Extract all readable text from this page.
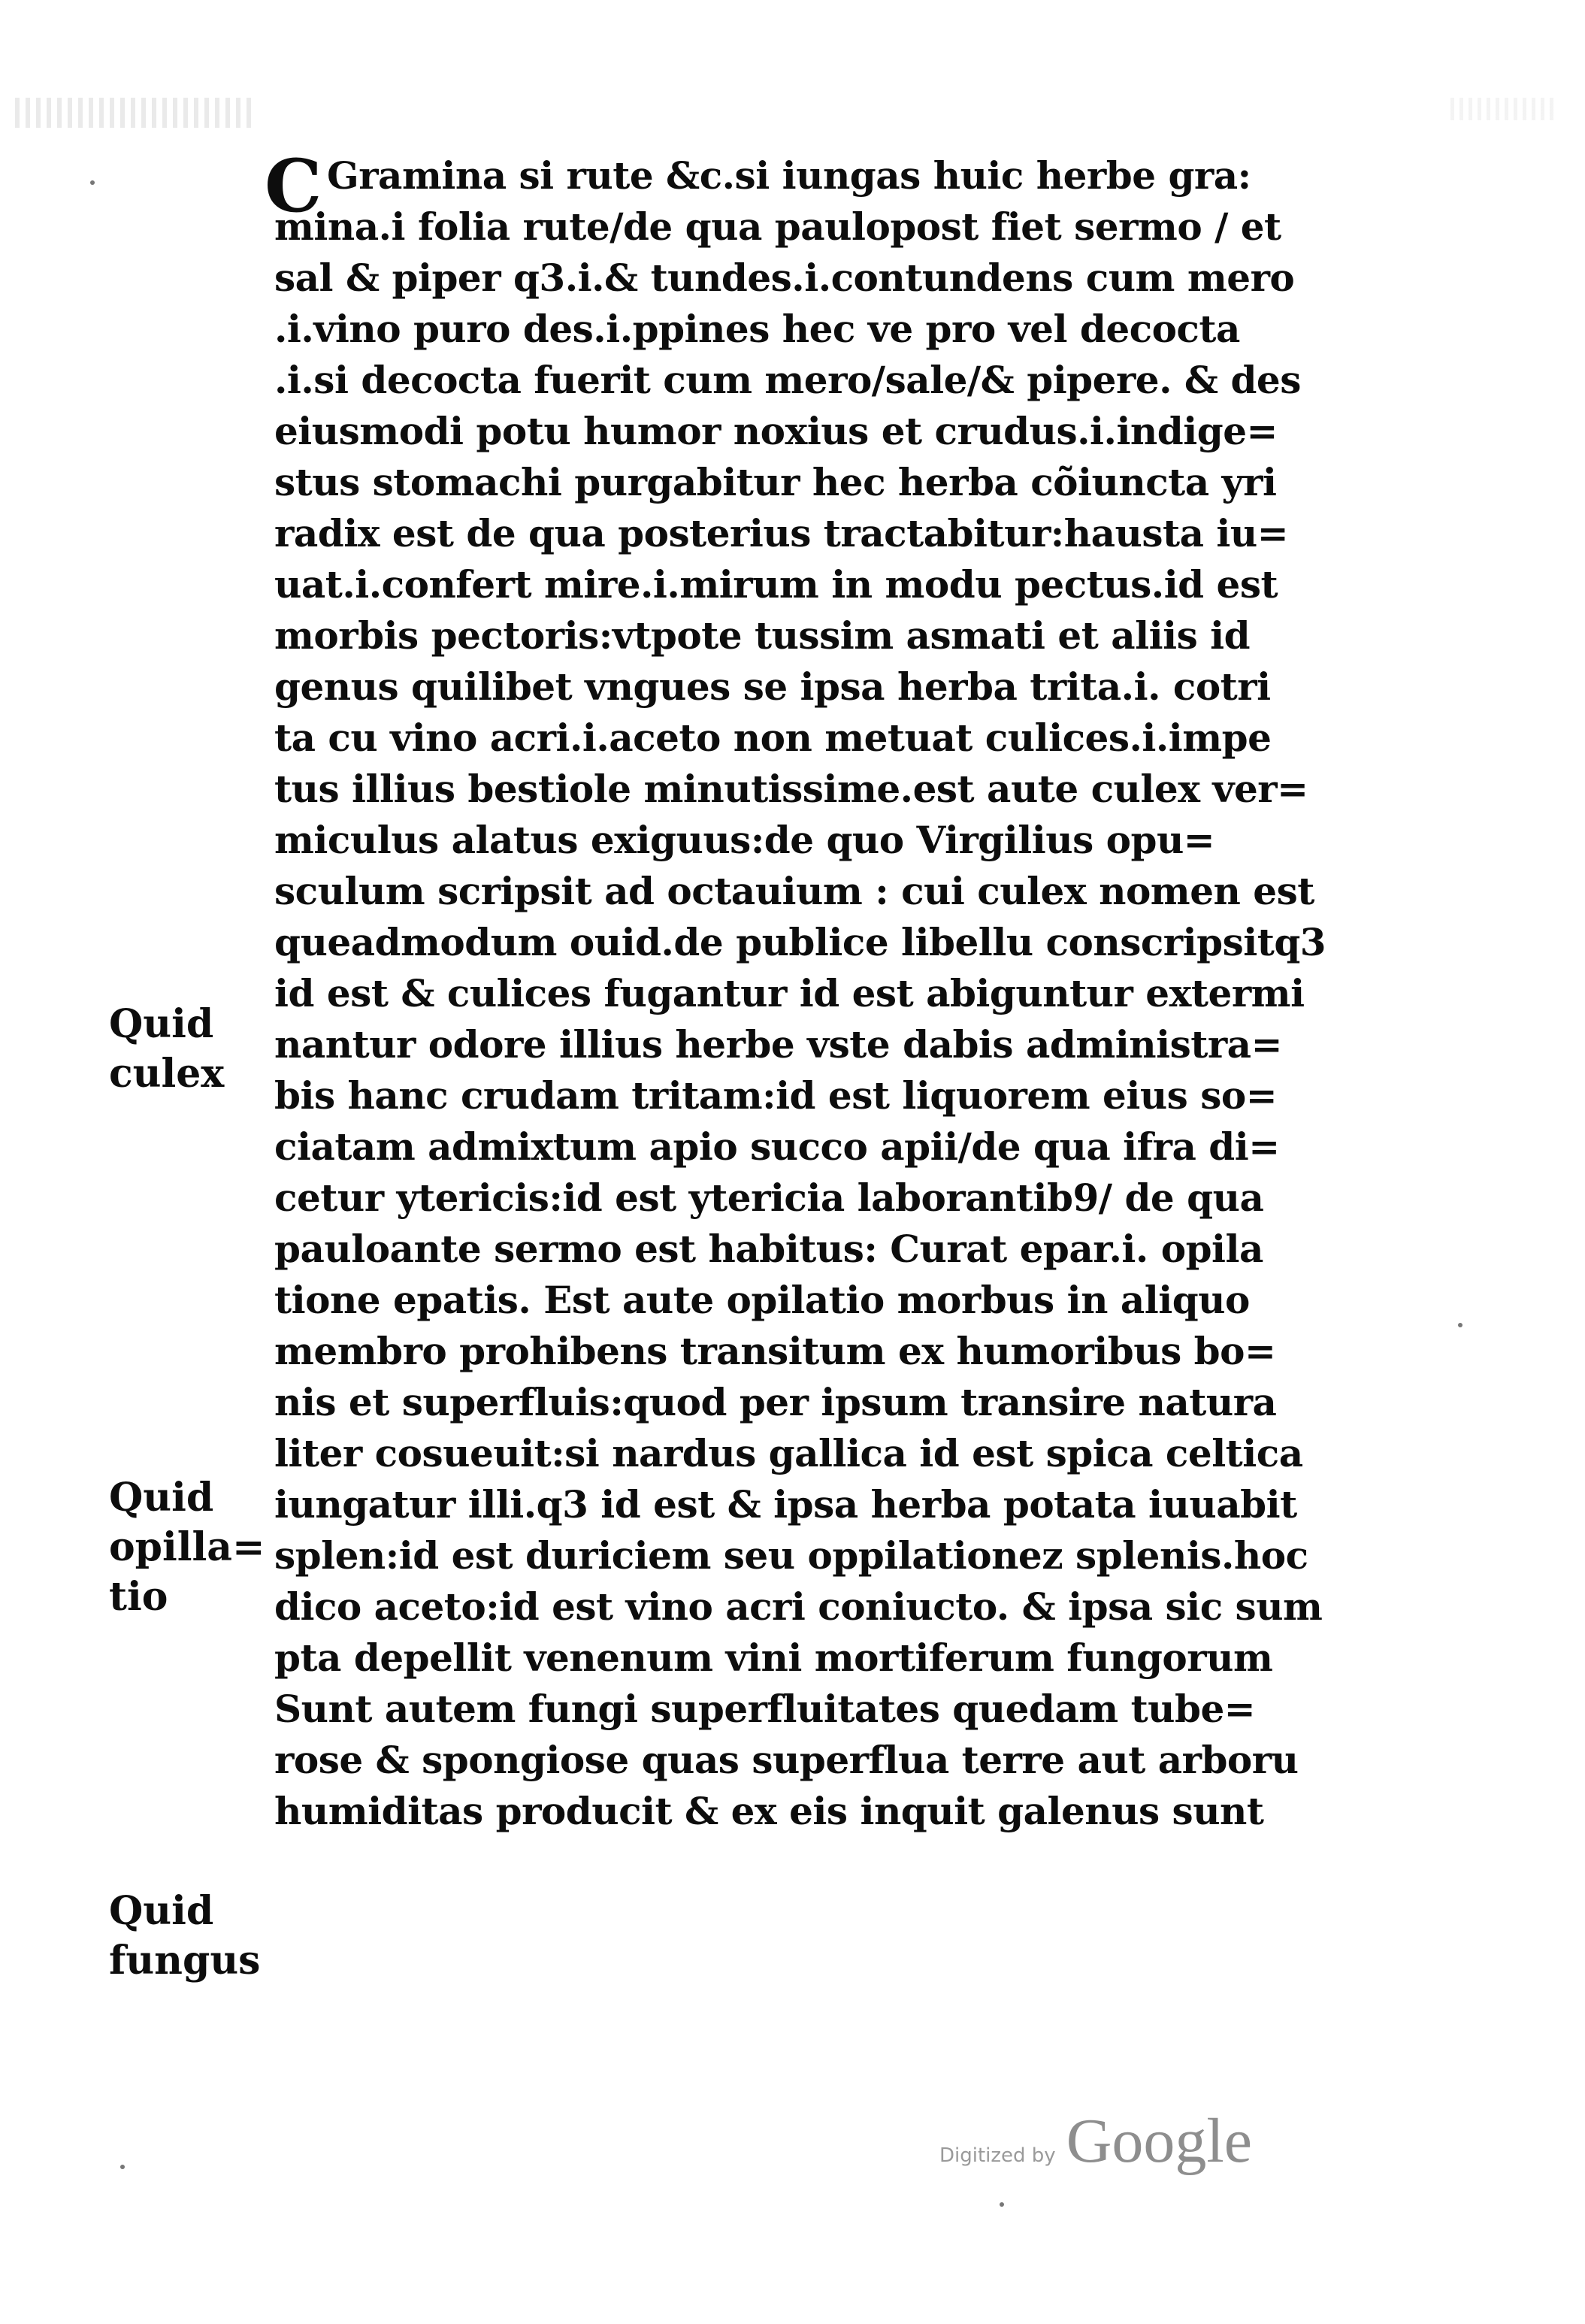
C Gramina si rute &c.si iungas huic herbe gra:
mina.i folia rute/de qua paulopost fiet sermo / et
sal & piper q3.i.& tundes.i.contundens cum mero
.i.vino puro des.i.ppines hec ve pro vel decocta
.i.si decocta fuerit cum mero/sale/& pipere. & des
eiusmodi potu humor noxius et crudus.i.indige=
stus stomachi purgabitur hec herba cõiuncta yri
radix est de qua posterius tractabitur:hausta iu=
uat.i.confert mire.i.mirum in modu pectus.id est
morbis pectoris:vtpote tussim asmati et aliis id
genus quilibet vngues se ipsa herba trita.i. cotri
ta cu vino acri.i.aceto non metuat culices.i.impe
tus illius bestiole minutissime.est aute culex ver=
miculus alatus exiguus:de quo Virgilius opu=
sculum scripsit ad octauium : cui culex nomen est
queadmodum ouid.de publice libellu conscripsitq3
id est & culices fugantur id est abiguntur extermi
nantur odore illius herbe vste dabis administra=
bis hanc crudam tritam:id est liquorem eius so=
ciatam admixtum apio succo apii/de qua ifra di=
cetur ytericis:id est ytericia laborantib9/ de qua
pauloante sermo est habitus: Curat epar.i. opila
tione epatis. Est aute opilatio morbus in aliquo
membro prohibens transitum ex humoribus bo=
nis et superfluis:quod per ipsum transire natura
liter cosueuit:si nardus gallica id est spica celtica
iungatur illi.q3 id est & ipsa herba potata iuuabit
splen:id est duriciem seu oppilationez splenis.hoc
dico aceto:id est vino acri coniucto. & ipsa sic sum
pta depellit venenum vini mortiferum fungorum
Sunt autem fungi superfluitates quedam tube=
rose & spongiose quas superflua terre aut arboru
humiditas producit & ex eis inquit galenus sunt
Quid
culex
Quid
opilla=
tio
Quid
fungus
Digitized by Google
